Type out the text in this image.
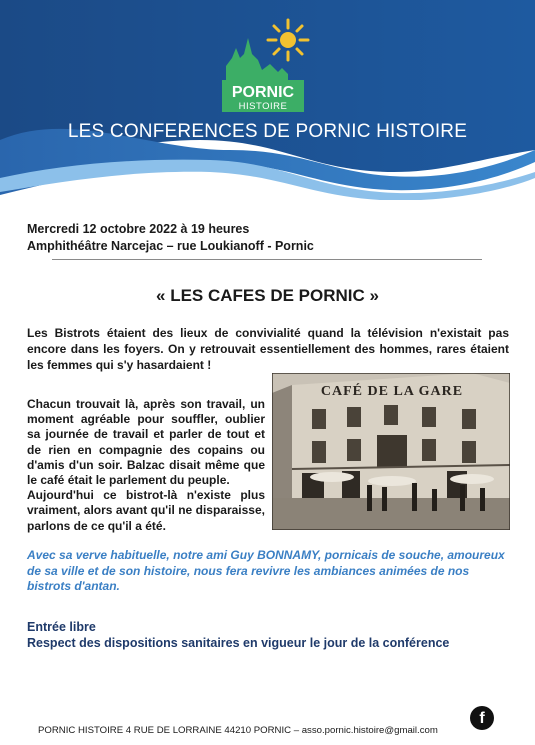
PORNIC
HISTOIRE
LES CONFERENCES DE PORNIC HISTOIRE
Mercredi 12 octobre 2022 à 19 heures
Amphithéâtre Narcejac – rue Loukianoff - Pornic
« LES CAFES DE PORNIC »
Les Bistrots étaient des lieux de convivialité quand la télévision n'existait pas encore dans les foyers. On y retrouvait essentiellement des hommes, rares étaient les femmes qui s'y hasardaient !
Chacun trouvait là, après son travail, un moment agréable pour souffler, oublier sa journée de travail et parler de tout et de rien en compagnie des copains ou d'amis d'un soir. Balzac disait même que le café était le parlement du peuple.
Aujourd'hui ce bistrot-là n'existe plus vraiment, alors avant qu'il ne disparaisse, parlons de ce qu'il a été.
CAFÉ DE LA GARE
Avec sa verve habituelle, notre ami Guy BONNAMY, pornicais de souche, amoureux de sa ville et de son histoire, nous fera revivre les ambiances animées de nos bistrots d'antan.
Entrée libre
Respect des dispositions sanitaires en vigueur le jour de la conférence
f
PORNIC HISTOIRE 4 RUE DE LORRAINE 44210 PORNIC – asso.pornic.histoire@gmail.com
